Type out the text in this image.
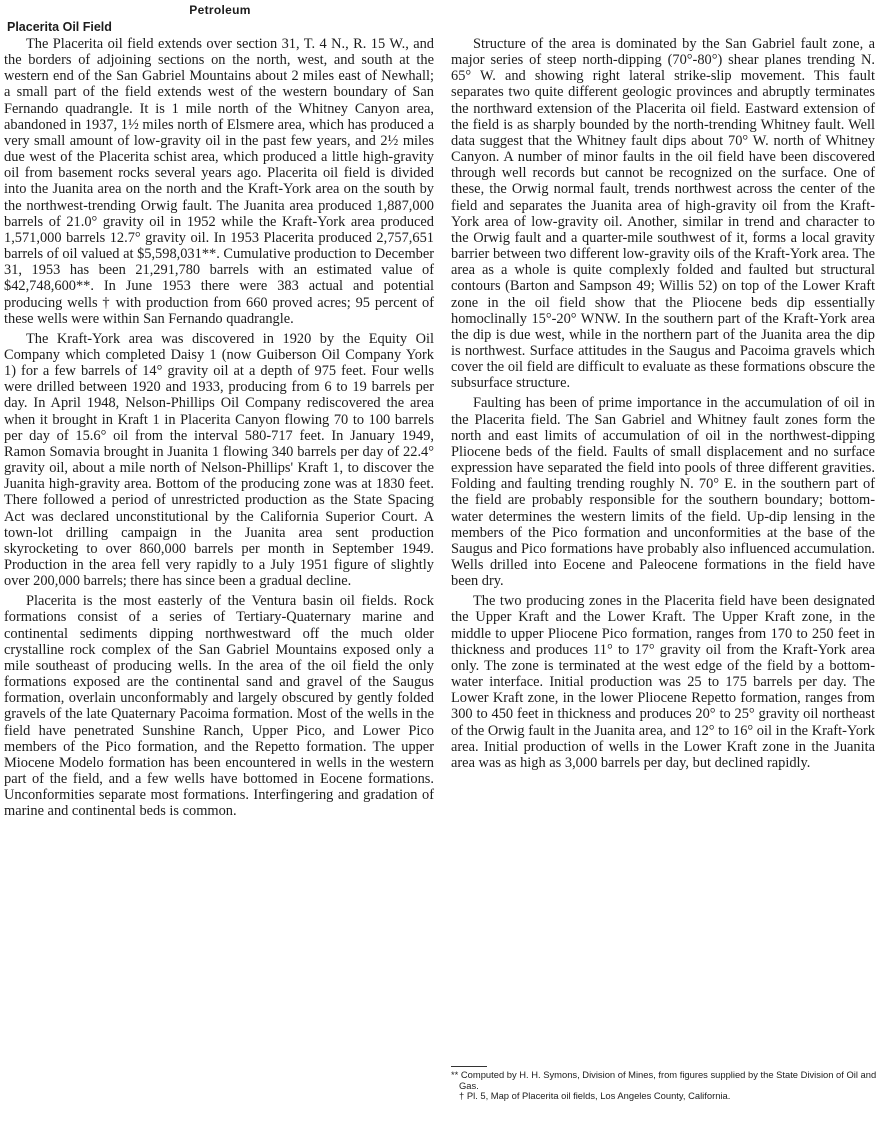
Petroleum
Placerita Oil Field

The Placerita oil field extends over section 31, T. 4 N., R. 15 W., and the borders of adjoining sections on the north, west, and south at the western end of the San Gabriel Mountains about 2 miles east of Newhall; a small part of the field extends west of the western boundary of San Fernando quadrangle. It is 1 mile north of the Whitney Canyon area, abandoned in 1937, 1½ miles north of Elsmere area, which has produced a very small amount of low-gravity oil in the past few years, and 2½ miles due west of the Placerita schist area, which produced a little high-gravity oil from basement rocks several years ago. Placerita oil field is divided into the Juanita area on the north and the Kraft-York area on the south by the northwest-trending Orwig fault. The Juanita area produced 1,887,000 barrels of 21.0° gravity oil in 1952 while the Kraft-York area produced 1,571,000 barrels 12.7° gravity oil. In 1953 Placerita produced 2,757,651 barrels of oil valued at $5,598,031**. Cumulative production to December 31, 1953 has been 21,291,780 barrels with an estimated value of $42,748,600**. In June 1953 there were 383 actual and potential producing wells † with production from 660 proved acres; 95 percent of these wells were within San Fernando quadrangle.

The Kraft-York area was discovered in 1920 by the Equity Oil Company which completed Daisy 1 (now Guiberson Oil Company York 1) for a few barrels of 14° gravity oil at a depth of 975 feet. Four wells were drilled between 1920 and 1933, producing from 6 to 19 barrels per day. In April 1948, Nelson-Phillips Oil Company rediscovered the area when it brought in Kraft 1 in Placerita Canyon flowing 70 to 100 barrels per day of 15.6° oil from the interval 580-717 feet. In January 1949, Ramon Somavia brought in Juanita 1 flowing 340 barrels per day of 22.4° gravity oil, about a mile north of Nelson-Phillips' Kraft 1, to discover the Juanita high-gravity area. Bottom of the producing zone was at 1830 feet. There followed a period of unrestricted production as the State Spacing Act was declared unconstitutional by the California Superior Court. A town-lot drilling campaign in the Juanita area sent production skyrocketing to over 860,000 barrels per month in September 1949. Production in the area fell very rapidly to a July 1951 figure of slightly over 200,000 barrels; there has since been a gradual decline.

Placerita is the most easterly of the Ventura basin oil fields. Rock formations consist of a series of Tertiary-Quaternary marine and continental sediments dipping northwestward off the much older crystalline rock complex of the San Gabriel Mountains exposed only a mile southeast of producing wells. In the area of the oil field the only formations exposed are the continental sand and gravel of the Saugus formation, overlain unconformably and largely obscured by gently folded gravels of the late Quaternary Pacoima formation. Most of the wells in the field have penetrated Sunshine Ranch, Upper Pico, and Lower Pico members of the Pico formation, and the Repetto formation. The upper Miocene Modelo formation has been encountered in wells in the western part of the field, and a few wells have bottomed in Eocene formations. Unconformities separate most formations. Interfingering and gradation of marine and continental beds is common.

Structure of the area is dominated by the San Gabriel fault zone, a major series of steep north-dipping (70°-80°) shear planes trending N. 65° W. and showing right lateral strike-slip movement. This fault separates two quite different geologic provinces and abruptly terminates the northward extension of the Placerita oil field. Eastward extension of the field is as sharply bounded by the north-trending Whitney fault. Well data suggest that the Whitney fault dips about 70° W. north of Whitney Canyon. A number of minor faults in the oil field have been discovered through well records but cannot be recognized on the surface. One of these, the Orwig normal fault, trends northwest across the center of the field and separates the Juanita area of high-gravity oil from the Kraft-York area of low-gravity oil. Another, similar in trend and character to the Orwig fault and a quarter-mile southwest of it, forms a local gravity barrier between two different low-gravity oils of the Kraft-York area. The area as a whole is quite complexly folded and faulted but structural contours (Barton and Sampson 49; Willis 52) on top of the Lower Kraft zone in the oil field show that the Pliocene beds dip essentially homoclinally 15°-20° WNW. In the southern part of the Kraft-York area the dip is due west, while in the northern part of the Juanita area the dip is northwest. Surface attitudes in the Saugus and Pacoima gravels which cover the oil field are difficult to evaluate as these formations obscure the subsurface structure.

Faulting has been of prime importance in the accumulation of oil in the Placerita field. The San Gabriel and Whitney fault zones form the north and east limits of accumulation of oil in the northwest-dipping Pliocene beds of the field. Faults of small displacement and no surface expression have separated the field into pools of three different gravities. Folding and faulting trending roughly N. 70° E. in the southern part of the field are probably responsible for the southern boundary; bottom-water determines the western limits of the field. Up-dip lensing in the members of the Pico formation and unconformities at the base of the Saugus and Pico formations have probably also influenced accumulation. Wells drilled into Eocene and Paleocene formations in the field have been dry.

The two producing zones in the Placerita field have been designated the Upper Kraft and the Lower Kraft. The Upper Kraft zone, in the middle to upper Pliocene Pico formation, ranges from 170 to 250 feet in thickness and produces 11° to 17° gravity oil from the Kraft-York area only. The zone is terminated at the west edge of the field by a bottom-water interface. Initial production was 25 to 175 barrels per day. The Lower Kraft zone, in the lower Pliocene Repetto formation, ranges from 300 to 450 feet in thickness and produces 20° to 25° gravity oil northeast of the Orwig fault in the Juanita area, and 12° to 16° oil in the Kraft-York area. Initial production of wells in the Lower Kraft zone in the Juanita area was as high as 3,000 barrels per day, but declined rapidly.

** Computed by H. H. Symons, Division of Mines, from figures supplied by the State Division of Oil and Gas.

† Pl. 5, Map of Placerita oil fields, Los Angeles County, California.
